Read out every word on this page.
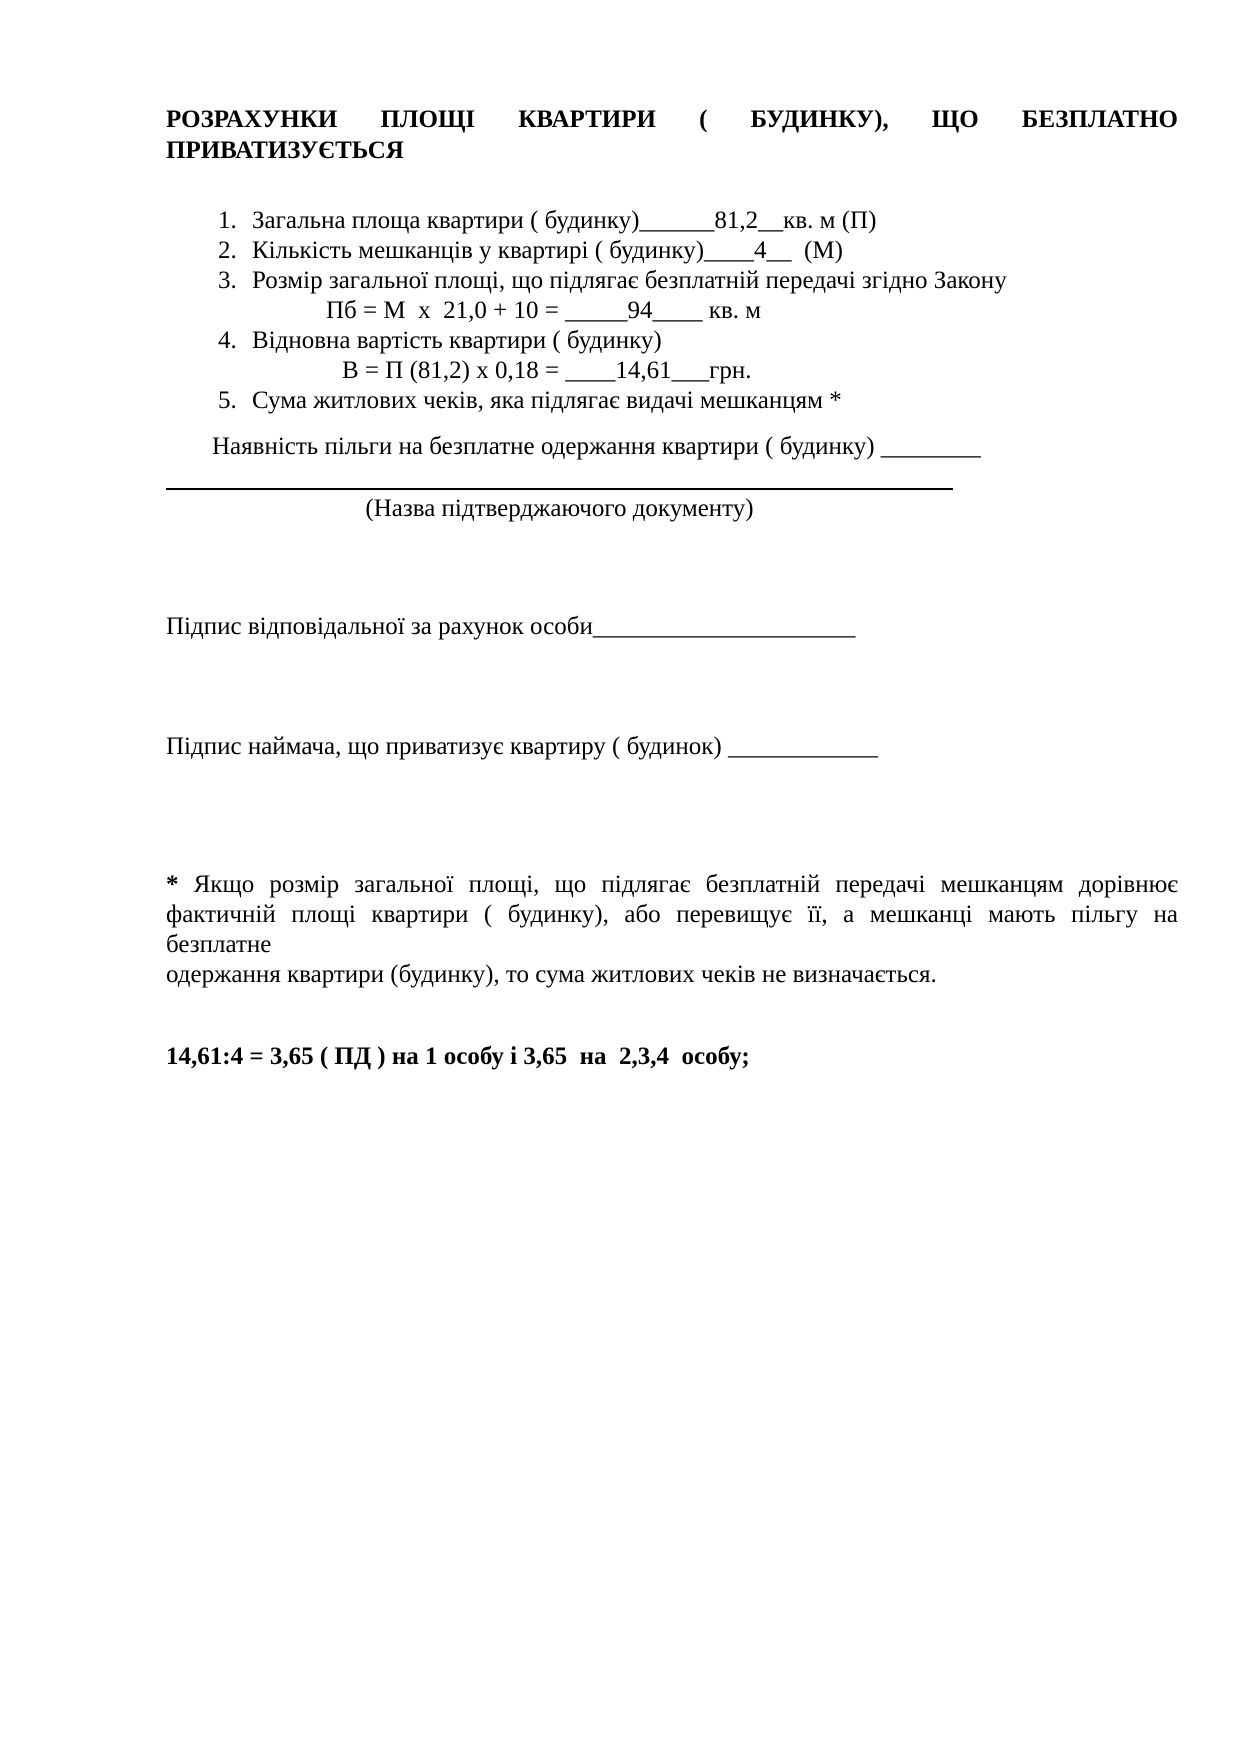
РОЗРАХУНКИ ПЛОЩІ КВАРТИРИ ( БУДИНКУ), ЩО БЕЗПЛАТНО
ПРИВАТИЗУЄТЬСЯ
1. Загальна площа квартири ( будинку)______81,2__кв. м (П)
2. Кількість мешканців у квартирі ( будинку)____4__  (М)
3. Розмір загальної площі, що підлягає безплатній передачі згідно Закону
Пб = М  х  21,0 + 10 = _____94____ кв. м
4. Відновна вартість квартири ( будинку)
В = П (81,2) х 0,18 = ____14,61___грн.
5. Сума житлових чеків, яка підлягає видачі мешканцям *
Наявність пільги на безплатне одержання квартири ( будинку) ________
(Назва підтверджаючого документу)
Підпис відповідальної за рахунок особи_____________________
Підпис наймача, що приватизує квартиру ( будинок) ____________
* Якщо розмір загальної площі, що підлягає безплатній передачі мешканцям дорівнює
фактичній площі квартири ( будинку), або перевищує її, а мешканці мають пільгу на безплатне
одержання квартири (будинку), то сума житлових чеків не визначається.
14,61:4 = 3,65 ( ПД ) на 1 особу і 3,65  на  2,3,4  особу;
